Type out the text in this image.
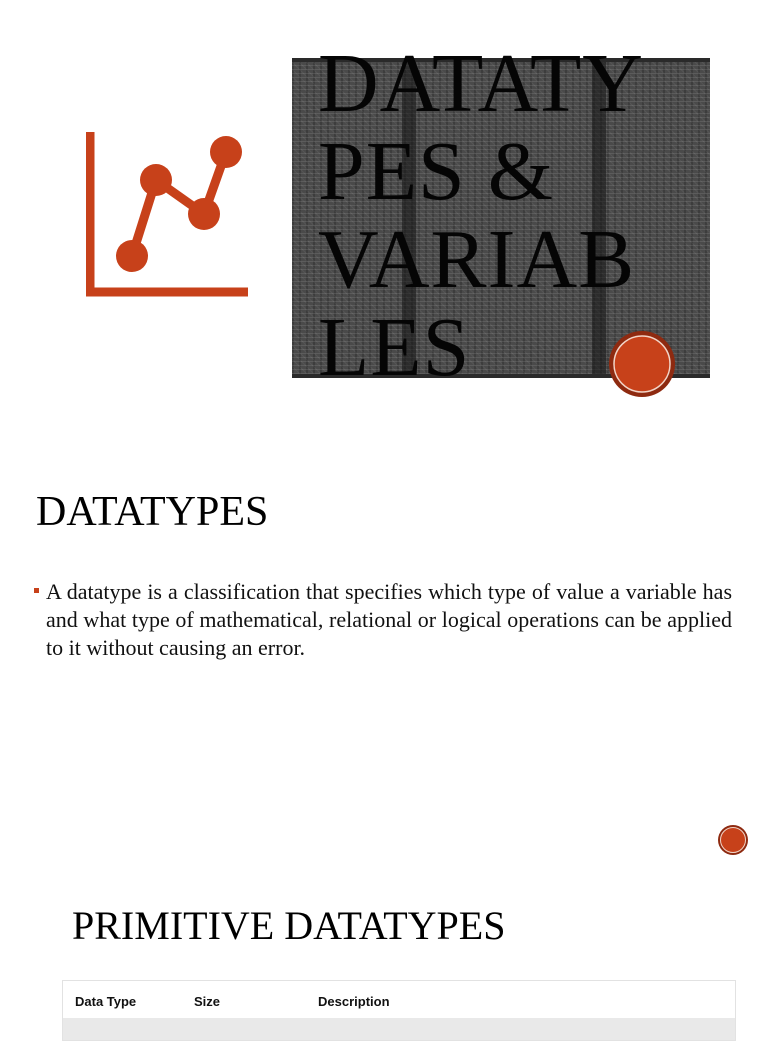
DATATY
PES &
VARIAB
LES
DATATYPES

A datatype is a classification that specifies which type of value a variable has and what type of mathematical, relational or logical operations can be applied to it without causing an error.

PRIMITIVE DATATYPES
Data Type	Size	Description
